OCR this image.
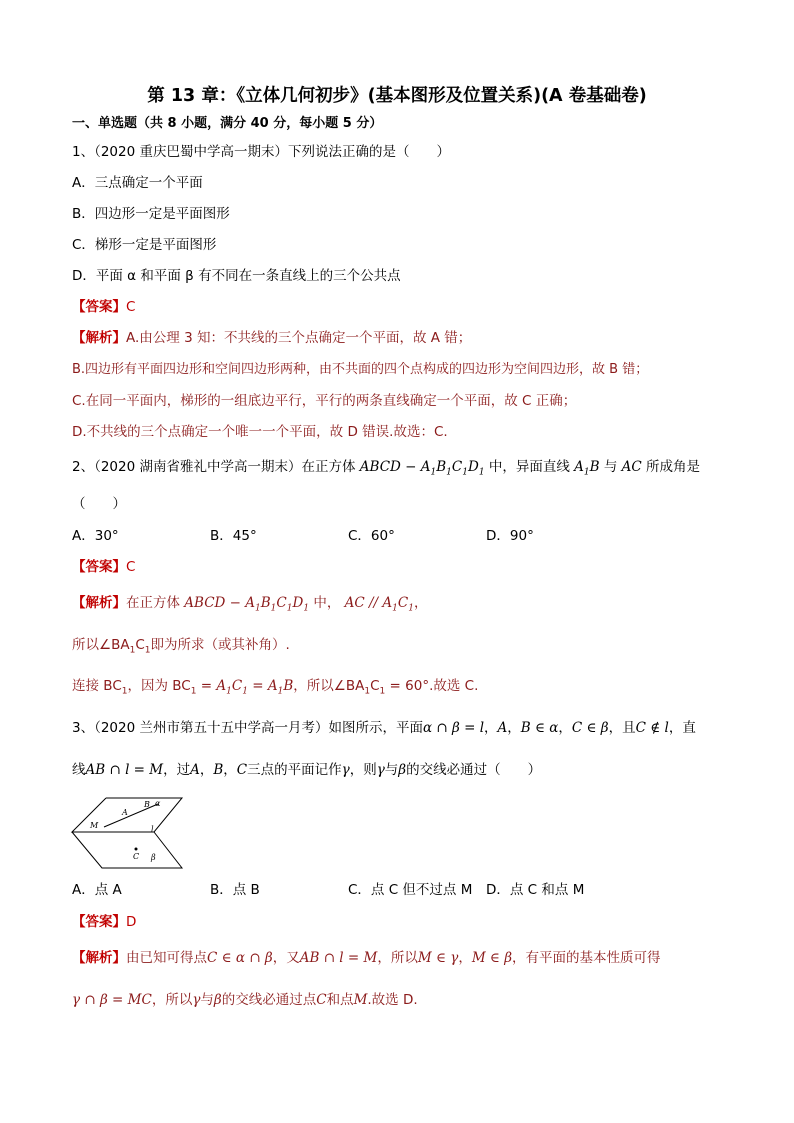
第 13 章：《立体几何初步》(基本图形及位置关系)(A 卷基础卷)
一、单选题（共 8 小题，满分 40 分，每小题 5 分）
1、（2020 重庆巴蜀中学高一期末）下列说法正确的是（　　）
A．三点确定一个平面
B．四边形一定是平面图形
C．梯形一定是平面图形
D．平面 α 和平面 β 有不同在一条直线上的三个公共点
【答案】C
【解析】A.由公理 3 知：不共线的三个点确定一个平面，故 A 错；
B.四边形有平面四边形和空间四边形两种，由不共面的四个点构成的四边形为空间四边形，故 B 错；
C.在同一平面内，梯形的一组底边平行，平行的两条直线确定一个平面，故 C 正确；
D.不共线的三个点确定一个唯一一个平面，故 D 错误.故选：C.
2、（2020 湖南省雅礼中学高一期末）在正方体 ABCD − $A_1B_1C_1D_1$ 中，异面直线 $A_1B$ 与 AC 所成角是
（　　）
A．30°	B．45°	C．60°	D．90°
【答案】C
【解析】在正方体 ABCD − $A_1B_1C_1D_1$ 中， AC // $A_1C_1$，
所以$\angle BA_1C_1$即为所求（或其补角）.
连接 $BC_1$，因为 $BC_1 = A_1C_1 = A_1B$，所以$\angle BA_1C_1 = 60^\circ$.故选 C.
3、（2020 兰州市第五十五中学高一月考）如图所示，平面α ∩ β = l，A，B ∈ α，C ∈ β，且C ∉ l，直
线AB ∩ l = M，过A，B，C三点的平面记作γ，则γ与β的交线必通过（　　）
A
B α
M	l
C β
A．点 A	B．点 B	C．点 C 但不过点 M D．点 C 和点 M
【答案】D
【解析】由已知可得点C ∈ α ∩ β，又AB ∩ l = M，所以M ∈ γ，M ∈ β，有平面的基本性质可得
γ ∩ β = MC，所以γ与β的交线必通过点C和点M.故选 D.
